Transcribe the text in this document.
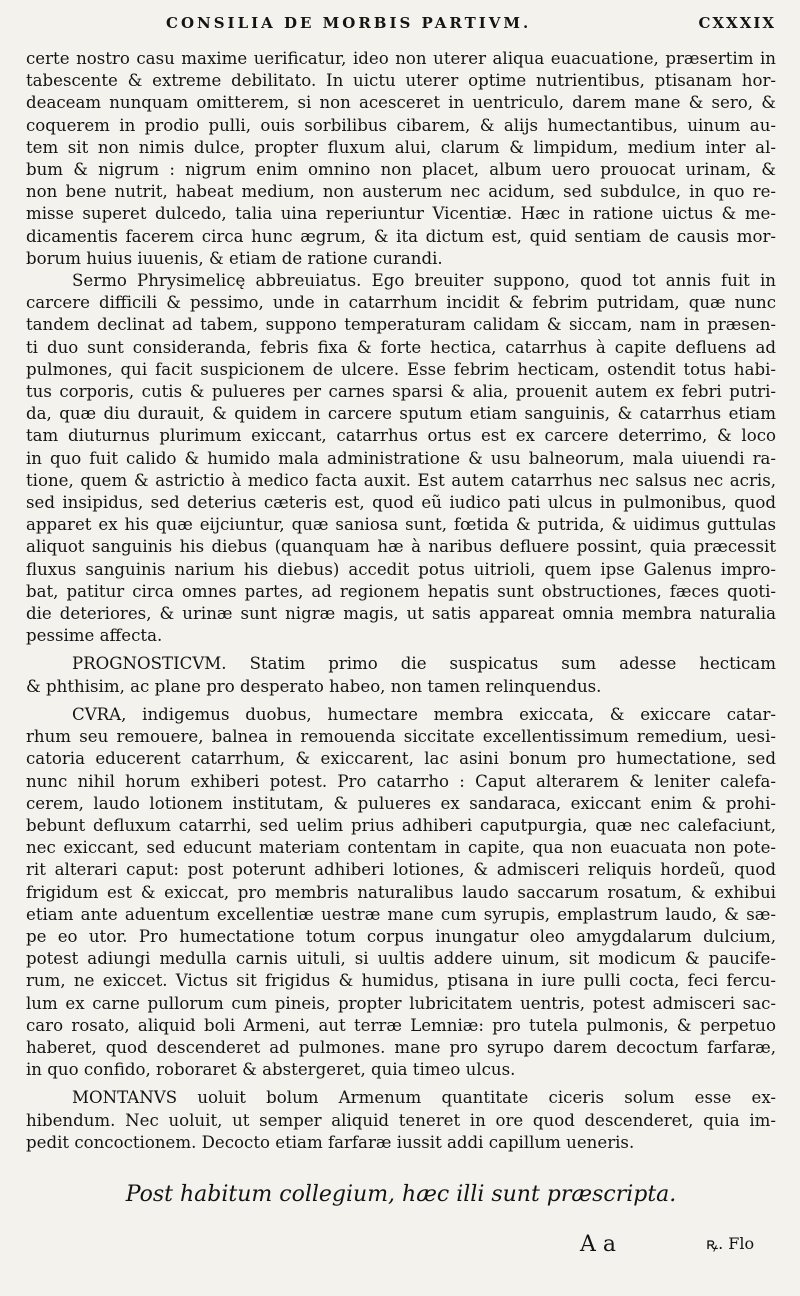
CONSILIA DE MORBIS PARTIVM.	CXXXIX

certe nostro casu maxime uerificatur, ideo non uterer aliqua euacuatione, præsertim in
tabescente & extreme debilitato. In uictu uterer optime nutrientibus, ptisanam hor-
deaceam nunquam omitterem, si non acesceret in uentriculo, darem mane & sero, &
coquerem in prodio pulli, ouis sorbilibus cibarem, & alijs humectantibus, uinum au-
tem sit non nimis dulce, propter fluxum alui, clarum & limpidum, medium inter al-
bum & nigrum : nigrum enim omnino non placet, album uero prouocat urinam, &
non bene nutrit, habeat medium, non austerum nec acidum, sed subdulce, in quo re-
misse superet dulcedo, talia uina reperiuntur Vicentiæ. Hæc in ratione uictus & me-
dicamentis facerem circa hunc ægrum, & ita dictum est, quid sentiam de causis mor-
borum huius iuuenis, & etiam de ratione curandi.

Sermo Phrysimelicę abbreuiatus. Ego breuiter suppono, quod tot annis fuit in
carcere difficili & pessimo, unde in catarrhum incidit & febrim putridam, quæ nunc
tandem declinat ad tabem, suppono temperaturam calidam & siccam, nam in præsen-
ti duo sunt consideranda, febris fixa & forte hectica, catarrhus à capite defluens ad
pulmones, qui facit suspicionem de ulcere. Esse febrim hecticam, ostendit totus habi-
tus corporis, cutis & pulueres per carnes sparsi & alia, prouenit autem ex febri putri-
da, quæ diu durauit, & quidem in carcere sputum etiam sanguinis, & catarrhus etiam
tam diuturnus plurimum exiccant, catarrhus ortus est ex carcere deterrimo, & loco
in quo fuit calido & humido mala administratione & usu balneorum, mala uiuendi ra-
tione, quem & astrictio à medico facta auxit. Est autem catarrhus nec salsus nec acris,
sed insipidus, sed deterius cæteris est, quod eũ iudico pati ulcus in pulmonibus, quod
apparet ex his quæ eijciuntur, quæ saniosa sunt, fœtida & putrida, & uidimus guttulas
aliquot sanguinis his diebus (quanquam hæ à naribus defluere possint, quia præcessit
fluxus sanguinis narium his diebus) accedit potus uitrioli, quem ipse Galenus impro-
bat, patitur circa omnes partes, ad regionem hepatis sunt obstructiones, fæces quoti-
die deteriores, & urinæ sunt nigræ magis, ut satis appareat omnia membra naturalia
pessime affecta.

PROGNOSTICVM. Statim primo die suspicatus sum adesse hecticam
& phthisim, ac plane pro desperato habeo, non tamen relinquendus.

CVRA, indigemus duobus, humectare membra exiccata, & exiccare catar-
rhum seu remouere, balnea in remouenda siccitate excellentissimum remedium, uesi-
catoria educerent catarrhum, & exiccarent, lac asini bonum pro humectatione, sed
nunc nihil horum exhiberi potest. Pro catarrho : Caput alterarem & leniter calefa-
cerem, laudo lotionem institutam, & pulueres ex sandaraca, exiccant enim & prohi-
bebunt defluxum catarrhi, sed uelim prius adhiberi caputpurgia, quæ nec calefaciunt,
nec exiccant, sed educunt materiam contentam in capite, qua non euacuata non pote-
rit alterari caput: post poterunt adhiberi lotiones, & admisceri reliquis hordeũ, quod
frigidum est & exiccat, pro membris naturalibus laudo saccarum rosatum, & exhibui
etiam ante aduentum excellentiæ uestræ mane cum syrupis, emplastrum laudo, & sæ-
pe eo utor. Pro humectatione totum corpus inungatur oleo amygdalarum dulcium,
potest adiungi medulla carnis uituli, si uultis addere uinum, sit modicum & paucife-
rum, ne exiccet. Victus sit frigidus & humidus, ptisana in iure pulli cocta, feci fercu-
lum ex carne pullorum cum pineis, propter lubricitatem uentris, potest admisceri sac-
caro rosato, aliquid boli Armeni, aut terræ Lemniæ: pro tutela pulmonis, & perpetuo
haberet, quod descenderet ad pulmones. mane pro syrupo darem decoctum farfaræ,
in quo confido, roboraret & abstergeret, quia timeo ulcus.

MONTANVS uoluit bolum Armenum quantitate ciceris solum esse ex-
hibendum. Nec uoluit, ut semper aliquid teneret in ore quod descenderet, quia im-
pedit concoctionem. Decocto etiam farfaræ iussit addi capillum ueneris.

Post habitum collegium, hæc illi sunt præscripta.
A a	ꝶ. Flo
